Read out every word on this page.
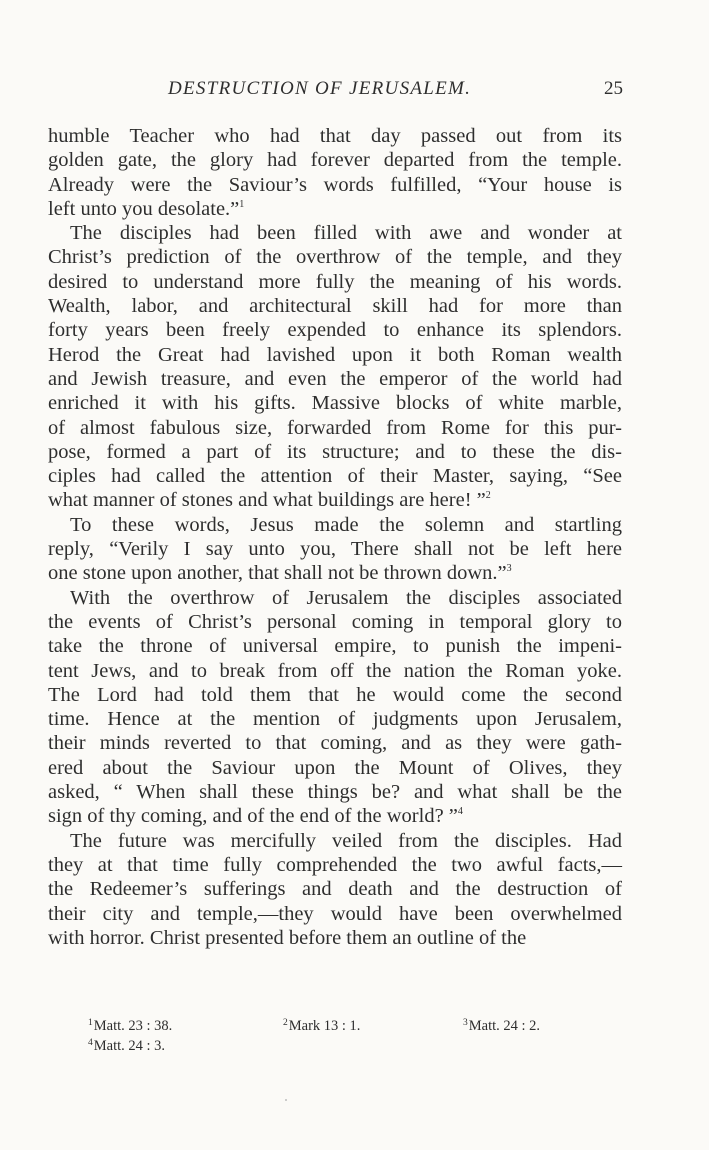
DESTRUCTION OF JERUSALEM.	25
humble Teacher who had that day passed out from its
golden gate, the glory had forever departed from the temple.
Already were the Saviour’s words fulfilled, “Your house is
left unto you desolate.”$^1$
The disciples had been filled with awe and wonder at
Christ’s prediction of the overthrow of the temple, and they
desired to understand more fully the meaning of his words.
Wealth, labor, and architectural skill had for more than
forty years been freely expended to enhance its splendors.
Herod the Great had lavished upon it both Roman wealth
and Jewish treasure, and even the emperor of the world had
enriched it with his gifts. Massive blocks of white marble,
of almost fabulous size, forwarded from Rome for this pur-
pose, formed a part of its structure; and to these the dis-
ciples had called the attention of their Master, saying, “See
what manner of stones and what buildings are here! ”$^2$
To these words, Jesus made the solemn and startling
reply, “Verily I say unto you, There shall not be left here
one stone upon another, that shall not be thrown down.”$^3$
With the overthrow of Jerusalem the disciples associated
the events of Christ’s personal coming in temporal glory to
take the throne of universal empire, to punish the impeni-
tent Jews, and to break from off the nation the Roman yoke.
The Lord had told them that he would come the second
time. Hence at the mention of judgments upon Jerusalem,
their minds reverted to that coming, and as they were gath-
ered about the Saviour upon the Mount of Olives, they
asked, “ When shall these things be? and what shall be the
sign of thy coming, and of the end of the world? ”$^4$
The future was mercifully veiled from the disciples. Had
they at that time fully comprehended the two awful facts,—
the Redeemer’s sufferings and death and the destruction of
their city and temple,—they would have been overwhelmed
with horror. Christ presented before them an outline of the
$^1$Matt. 23 : 38.	$^2$Mark 13 : 1.	$^3$Matt. 24 : 2.
$^4$Matt. 24 : 3.
